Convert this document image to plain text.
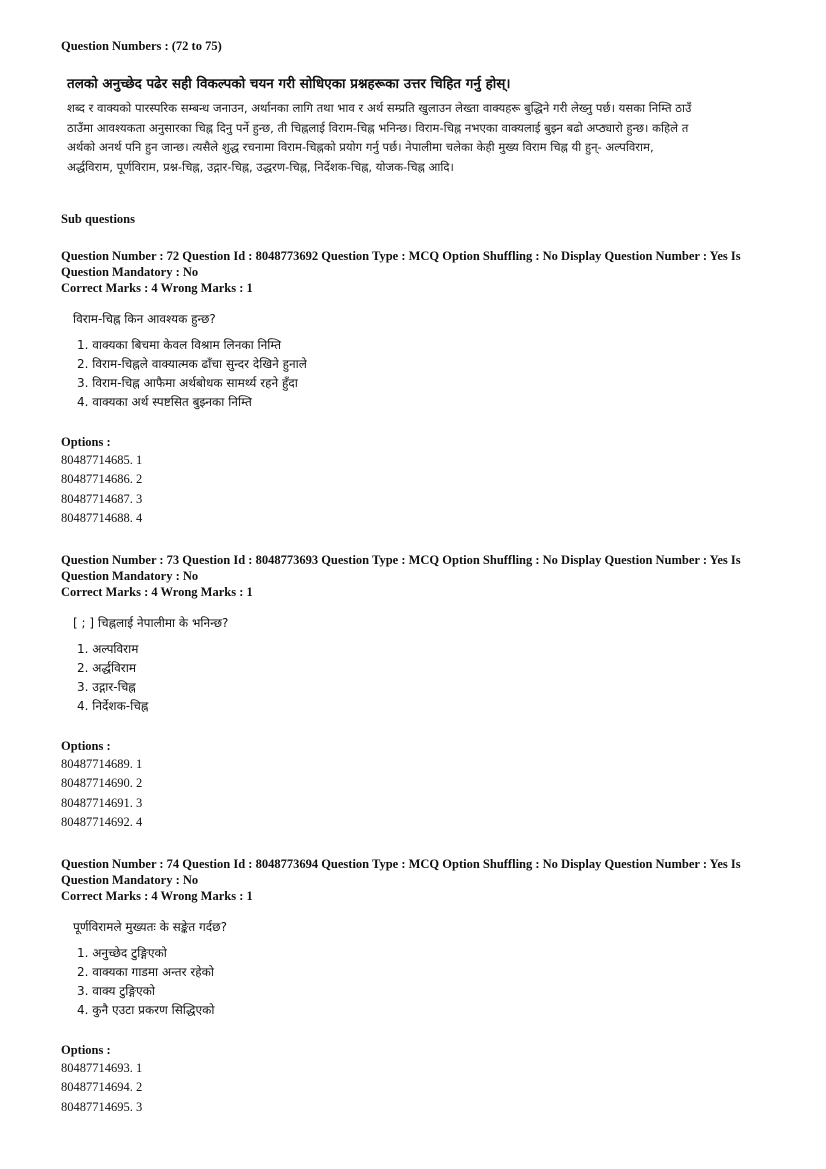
Question Numbers : (72 to 75)

तलको अनुच्छेद पढेर सही विकल्पको चयन गरी सोधिएका प्रश्नहरूका उत्तर चिहित गर्नु होस्।

शब्द र वाक्यको पारस्परिक सम्बन्ध जनाउन, अर्थानका लागि तथा भाव र अर्थ सम्प्रति खुलाउन लेख्ता वाक्यहरू बुद्धिने गरी लेख्नु पर्छ। यसका निम्ति ठाउँ
ठाउँमा आवश्यकता अनुसारका चिह्न दिनु पर्ने हुन्छ, ती चिह्नलाई विराम-चिह्न भनिन्छ। विराम-चिह्न नभएका वाक्यलाई बुझ्न बढो अप्ठ्यारो हुन्छ। कहिले त
अर्थको अनर्थ पनि हुन जान्छ। त्यसैले शुद्ध रचनामा विराम-चिह्नको प्रयोग गर्नु पर्छ। नेपालीमा चलेका केही मुख्य विराम चिह्न यी हुन्- अल्पविराम,
अर्द्धविराम, पूर्णविराम, प्रश्न-चिह्न, उद्गार-चिह्न, उद्धरण-चिह्न, निर्देशक-चिह्न, योजक-चिह्न आदि।
Sub questions
Question Number : 72 Question Id : 8048773692 Question Type : MCQ Option Shuffling : No Display Question Number : Yes Is
Question Mandatory : No
Correct Marks : 4 Wrong Marks : 1

विराम-चिह्न किन आवश्यक हुन्छ?

1. वाक्यका बिचमा केवल विश्राम लिनका निम्ति
2. विराम-चिह्नले वाक्यात्मक ढाँचा सुन्दर देखिने हुनाले
3. विराम-चिह्न आफैमा अर्थबोधक सामर्थ्य रहने हुँदा
4. वाक्यका अर्थ स्पष्टसित बुझ्नका निम्ति
Options :
80487714685. 1
80487714686. 2
80487714687. 3
80487714688. 4
Question Number : 73 Question Id : 8048773693 Question Type : MCQ Option Shuffling : No Display Question Number : Yes Is
Question Mandatory : No
Correct Marks : 4 Wrong Marks : 1

[ ; ] चिह्नलाई नेपालीमा के भनिन्छ?

1. अल्पविराम
2. अर्द्धविराम
3. उद्गार-चिह्न
4. निर्देशक-चिह्न
Options :
80487714689. 1
80487714690. 2
80487714691. 3
80487714692. 4
Question Number : 74 Question Id : 8048773694 Question Type : MCQ Option Shuffling : No Display Question Number : Yes Is
Question Mandatory : No
Correct Marks : 4 Wrong Marks : 1

पूर्णविरामले मुख्यतः के सङ्केत गर्दछ?

1. अनुच्छेद टुङ्गिएको
2. वाक्यका गाडमा अन्तर रहेको
3. वाक्य टुङ्गिएको
4. कुनै एउटा प्रकरण सिद्धिएको
Options :
80487714693. 1
80487714694. 2
80487714695. 3
